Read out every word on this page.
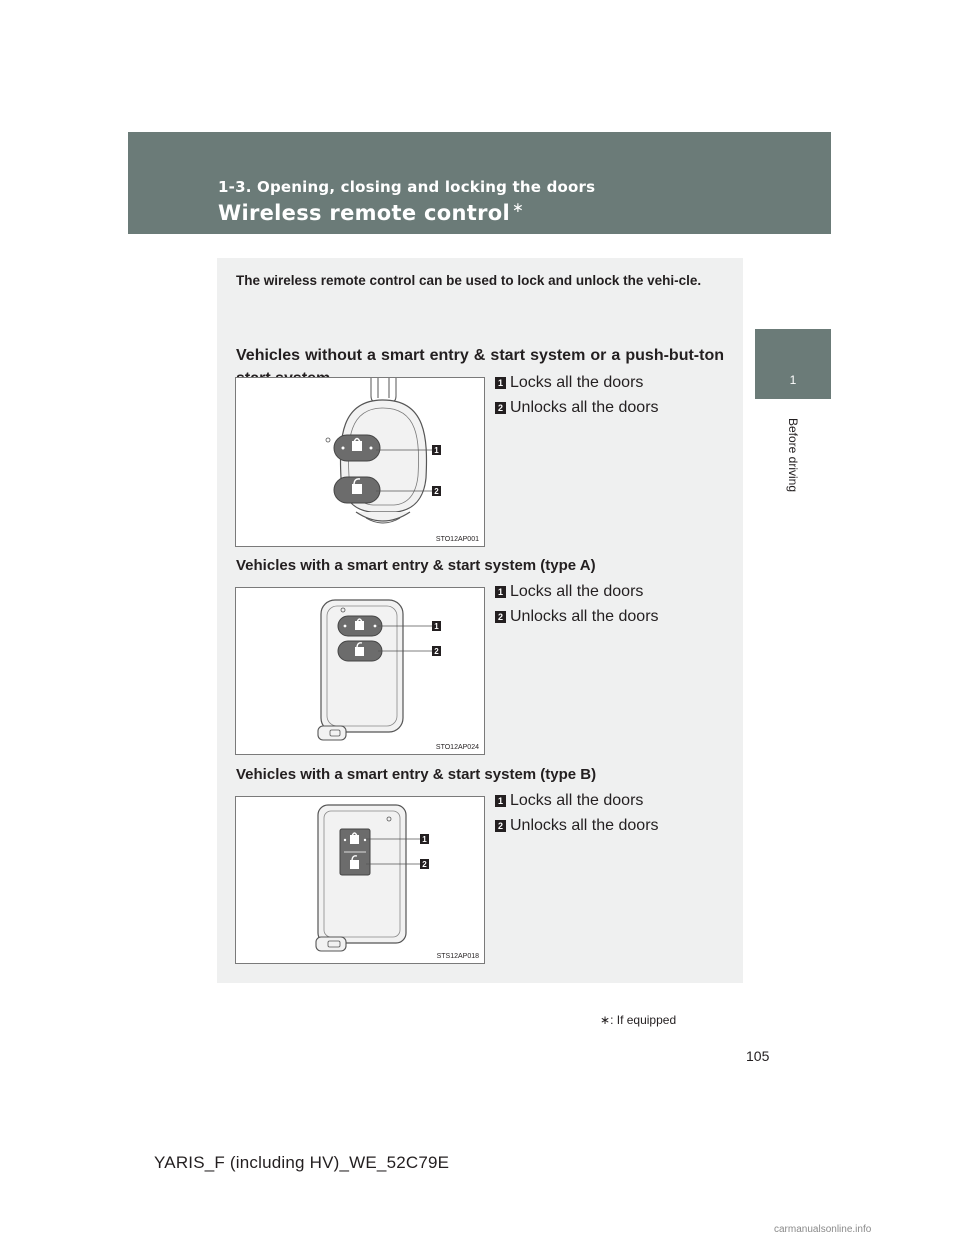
1-3. Opening, closing and locking the doors
Wireless remote control ∗
1
Before driving
The wireless remote control can be used to lock and unlock the vehi-cle.
Vehicles without a smart entry & start system or a push-but-ton
1
2
STO12AP001
1 Locks all the doors
2 Unlocks all the doors
Vehicles with a smart entry & start system (type A)
1
2
STO12AP024
1 Locks all the doors
2 Unlocks all the doors
Vehicles with a smart entry & start system (type B)
1
2
STS12AP018
1 Locks all the doors
2 Unlocks all the doors
∗: If equipped
105
YARIS_F (including HV)_WE_52C79E
carmanualsonline.info
